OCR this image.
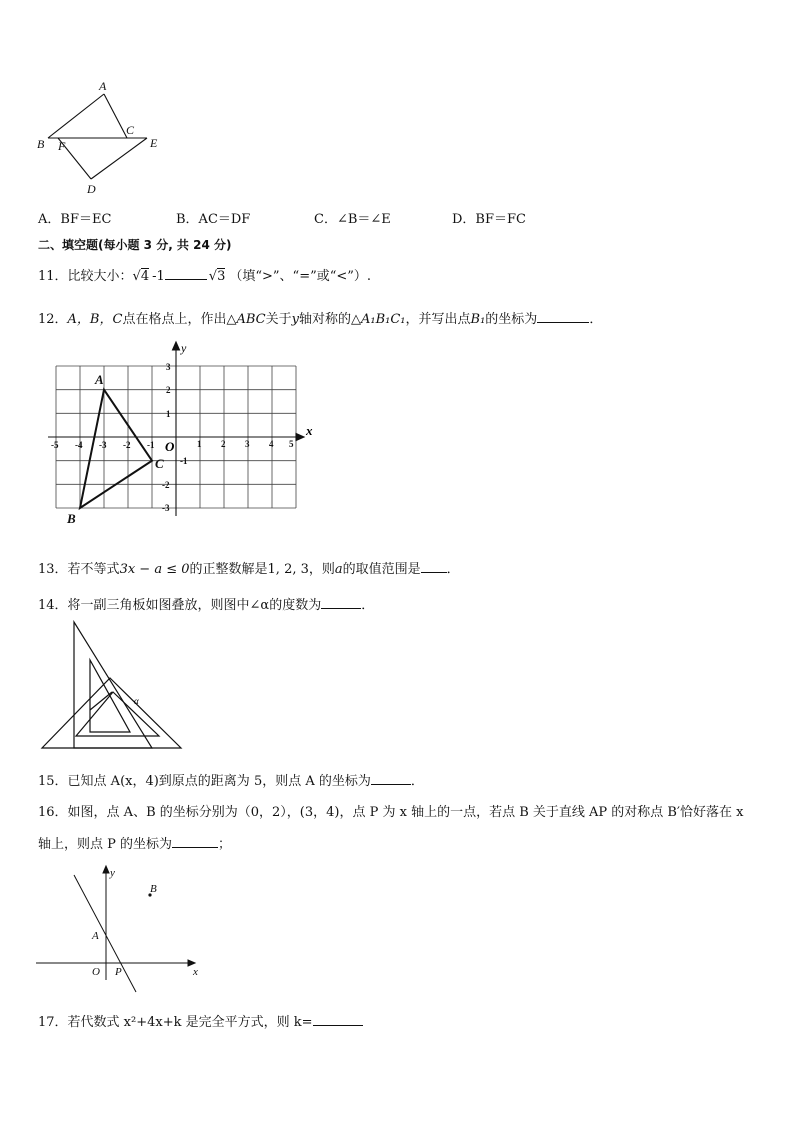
A
B
C
D
E
F
A．BF＝EC	B．AC＝DF	C．∠B＝∠E	D．BF＝FC
二、填空题(每小题 3 分, 共 24 分)
11．比较大小：√4 -1	√3 （填“>”、“=”或“<”）.
12．A，B，C点在格点上，作出△ABC关于y轴对称的△A₁B₁C₁，并写出点B₁的坐标为	．
x
y
O
-5 -4 -3 -2 -1	1 2 3 4 5
3
2
1
-1
-2
-3
A
B
C
13．若不等式3x − a ≤ 0的正整数解是1, 2, 3，则a的取值范围是 ．
14．将一副三角板如图叠放，则图中∠α的度数为	．
α
15．已知点 A(x，4)到原点的距离为 5，则点 A 的坐标为	．
16．如图，点 A、B 的坐标分别为（0，2），(3，4)，点 P 为 x 轴上的一点，若点 B 关于直线 AP 的对称点 B′恰好落在 x
轴上，则点 P 的坐标为	；
x
y
O
A
B
P
17．若代数式 x²+4x+k 是完全平方式，则 k=
